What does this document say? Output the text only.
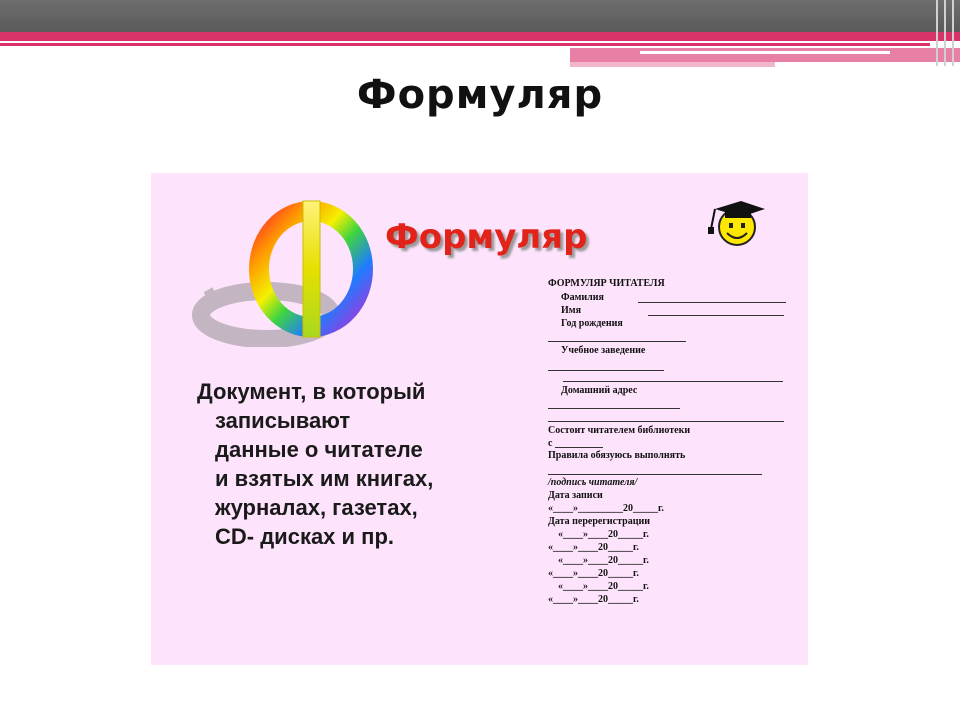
Формуляр
Формуляр
Документ, в который
записывают
данные о читателе
и взятых им книгах,
журналах, газетах,
CD- дисках и пр.
ФОРМУЛЯР ЧИТАТЕЛЯ
Фамилия
Имя
Год рождения
Учебное заведение
Домашний адрес
Состоит читателем библиотеки
с
Правила обязуюсь выполнять
/подпись читателя/
Дата записи
«____»_________20_____г.
Дата перерегистрации
«____»____20_____г.
«____»____20_____г.
«____»____20_____г.
«____»____20_____г.
«____»____20_____г.
«____»____20_____г.
